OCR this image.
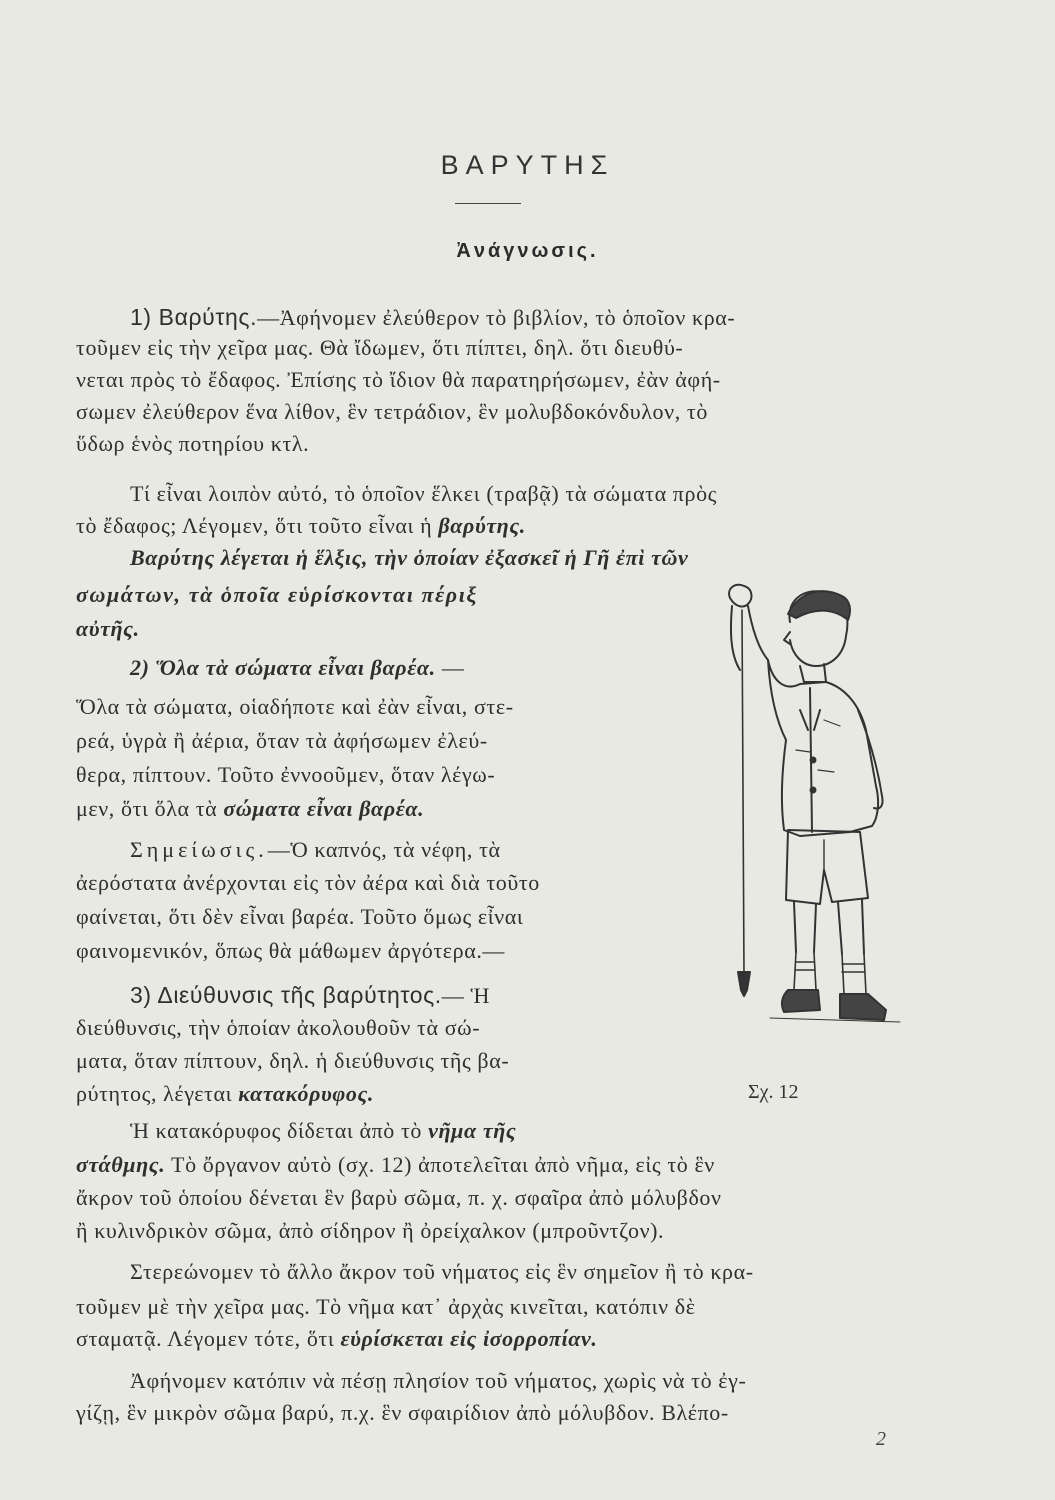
ΒΑΡΥΤΗΣ
Ἀνάγνωσις.
1) Βαρύτης.—Ἀφήνομεν ἐλεύθερον τὸ βιβλίον, τὸ ὁποῖον κρα-
τοῦμεν εἰς τὴν χεῖρα μας. Θὰ ἴδωμεν, ὅτι πίπτει, δηλ. ὅτι διευθύ-
νεται πρὸς τὸ ἔδαφος. Ἐπίσης τὸ ἴδιον θὰ παρατηρήσωμεν, ἐὰν ἀφή-
σωμεν ἐλεύθερον ἕνα λίθον, ἓν τετράδιον, ἓν μολυβδοκόνδυλον, τὸ
ὕδωρ ἑνὸς ποτηρίου κτλ.
Τί εἶναι λοιπὸν αὐτό, τὸ ὁποῖον ἕλκει (τραβᾷ) τὰ σώματα πρὸς
τὸ ἔδαφος; Λέγομεν, ὅτι τοῦτο εἶναι ἡ βαρύτης.
Βαρύτης λέγεται ἡ ἕλξις, τὴν ὁποίαν ἐξασκεῖ ἡ Γῆ ἐπὶ τῶν
σωμάτων, τὰ ὁποῖα εὑρίσκονται πέριξ
αὐτῆς.
2) Ὅλα τὰ σώματα εἶναι βαρέα. —
Ὅλα τὰ σώματα, οἱαδήποτε καὶ ἐὰν εἶναι, στε-
ρεά, ὑγρὰ ἢ ἀέρια, ὅταν τὰ ἀφήσωμεν ἐλεύ-
θερα, πίπτουν. Τοῦτο ἐννοοῦμεν, ὅταν λέγω-
μεν, ὅτι ὅλα τὰ σώματα εἶναι βαρέα.
Σημείωσις.—Ὁ καπνός, τὰ νέφη, τὰ
ἀερόστατα ἀνέρχονται εἰς τὸν ἀέρα καὶ διὰ τοῦτο
φαίνεται, ὅτι δὲν εἶναι βαρέα. Τοῦτο ὅμως εἶναι
φαινομενικόν, ὅπως θὰ μάθωμεν ἀργότερα.—
3) Διεύθυνσις τῆς βαρύτητος.— Ἡ
διεύθυνσις, τὴν ὁποίαν ἀκολουθοῦν τὰ σώ-
ματα, ὅταν πίπτουν, δηλ. ἡ διεύθυνσις τῆς βα-
ρύτητος, λέγεται κατακόρυφος.	Σχ. 12
Ἡ κατακόρυφος δίδεται ἀπὸ τὸ νῆμα τῆς
στάθμης. Τὸ ὄργανον αὐτὸ (σχ. 12) ἀποτελεῖται ἀπὸ νῆμα, εἰς τὸ ἓν
ἄκρον τοῦ ὁποίου δένεται ἓν βαρὺ σῶμα, π. χ. σφαῖρα ἀπὸ μόλυβδον
ἢ κυλινδρικὸν σῶμα, ἀπὸ σίδηρον ἢ ὀρείχαλκον (μπροῦντζον).
Στερεώνομεν τὸ ἄλλο ἄκρον τοῦ νήματος εἰς ἓν σημεῖον ἢ τὸ κρα-
τοῦμεν μὲ τὴν χεῖρα μας. Τὸ νῆμα κατ᾽ ἀρχὰς κινεῖται, κατόπιν δὲ
σταματᾷ. Λέγομεν τότε, ὅτι εὑρίσκεται εἰς ἰσορροπίαν.
Ἀφήνομεν κατόπιν νὰ πέσῃ πλησίον τοῦ νήματος, χωρὶς νὰ τὸ ἐγ-
γίζῃ, ἓν μικρὸν σῶμα βαρύ, π.χ. ἓν σφαιρίδιον ἀπὸ μόλυβδον. Βλέπο-
2
